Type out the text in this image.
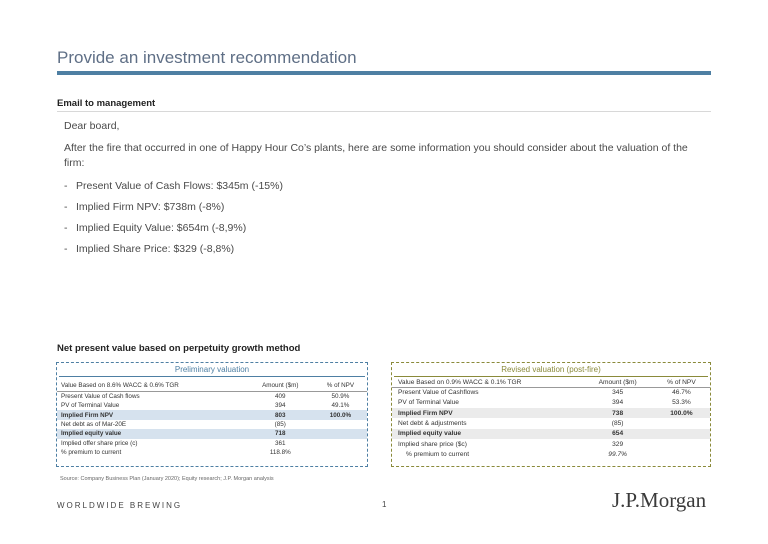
Provide an investment recommendation
Email to management

Dear board,

After the fire that occurred in one of Happy Hour Co’s plants, here are some information you should consider about the valuation of the firm:

- Present Value of Cash Flows: $345m (-15%)
- Implied Firm NPV: $738m (-8%)
- Implied Equity Value: $654m (-8,9%)
- Implied Share Price: $329 (-8,8%)
Net present value based on perpetuity growth method
Preliminary valuation
Value Based on 8.6% WACC & 0.6% TGR	Amount ($m)	% of NPV
Present Value of Cash flows	409	50.9%
PV of Terminal Value	394	49.1%
Implied Firm NPV	803	100.0%
Net debt as of Mar-20E	(85)	
Implied equity value	718	
Implied offer share price (c)	361	
% premium to current	118.8%	
Revised valuation (post-fire)
Value Based on 0.9% WACC & 0.1% TGR	Amount ($m)	% of NPV
Present Value of Cashflows	345	46.7%
PV of Terminal Value	394	53.3%
Implied Firm NPV	738	100.0%
Net debt & adjustments	(85)	
Implied equity value	654	
Implied share price ($c)	329	
% premium to current	99.7%	
Source: Company Business Plan (January 2020); Equity research; J.P. Morgan analysis
WORLDWIDE BREWING	1	J.P.Morgan
